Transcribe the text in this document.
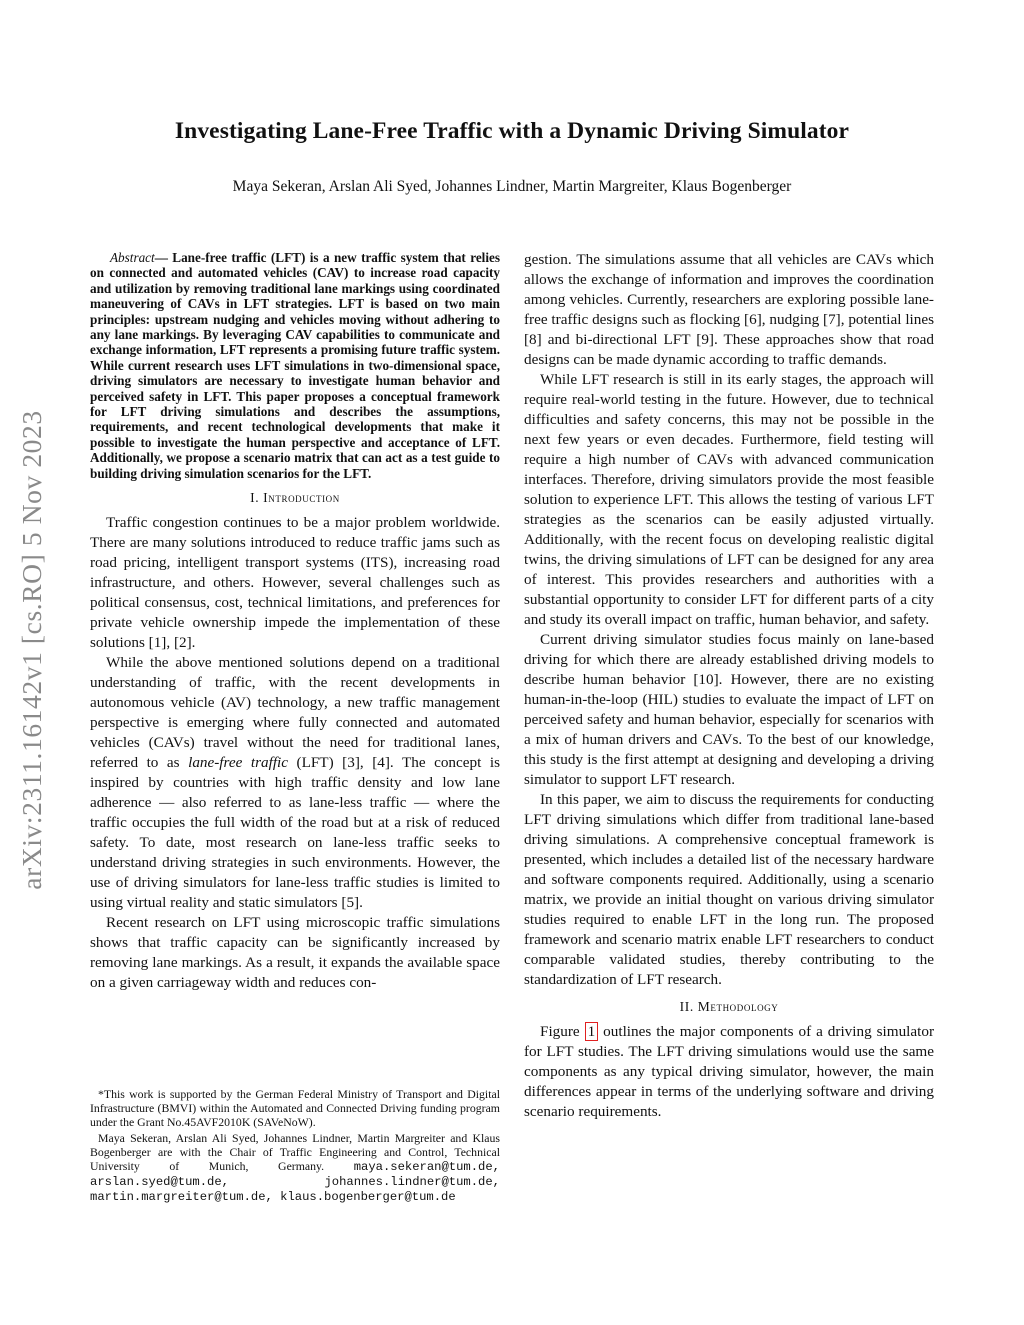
Investigating Lane-Free Traffic with a Dynamic Driving Simulator
Maya Sekeran, Arslan Ali Syed, Johannes Lindner, Martin Margreiter, Klaus Bogenberger
arXiv:2311.16142v1 [cs.RO] 5 Nov 2023

Abstract— Lane-free traffic (LFT) is a new traffic system that relies on connected and automated vehicles (CAV) to increase road capacity and utilization by removing traditional lane markings using coordinated maneuvering of CAVs in LFT strategies. LFT is based on two main principles: upstream nudging and vehicles moving without adhering to any lane markings. By leveraging CAV capabilities to communicate and exchange information, LFT represents a promising future traffic system. While current research uses LFT simulations in two-dimensional space, driving simulators are necessary to investigate human behavior and perceived safety in LFT. This paper proposes a conceptual framework for LFT driving simulations and describes the assumptions, requirements, and recent technological developments that make it possible to investigate the human perspective and acceptance of LFT. Additionally, we propose a scenario matrix that can act as a test guide to building driving simulation scenarios for the LFT.

I. Introduction

Traffic congestion continues to be a major problem worldwide. There are many solutions introduced to reduce traffic jams such as road pricing, intelligent transport systems (ITS), increasing road infrastructure, and others. However, several challenges such as political consensus, cost, technical limitations, and preferences for private vehicle ownership impede the implementation of these solutions [1], [2].

While the above mentioned solutions depend on a traditional understanding of traffic, with the recent developments in autonomous vehicle (AV) technology, a new traffic management perspective is emerging where fully connected and automated vehicles (CAVs) travel without the need for traditional lanes, referred to as lane-free traffic (LFT) [3], [4]. The concept is inspired by countries with high traffic density and low lane adherence — also referred to as lane-less traffic — where the traffic occupies the full width of the road but at a risk of reduced safety. To date, most research on lane-less traffic seeks to understand driving strategies in such environments. However, the use of driving simulators for lane-less traffic studies is limited to using virtual reality and static simulators [5].

Recent research on LFT using microscopic traffic simulations shows that traffic capacity can be significantly increased by removing lane markings. As a result, it expands the available space on a given carriageway width and reduces con-

*This work is supported by the German Federal Ministry of Transport and Digital Infrastructure (BMVI) within the Automated and Connected Driving funding program under the Grant No.45AVF2010K (SAVeNoW).

Maya Sekeran, Arslan Ali Syed, Johannes Lindner, Martin Margreiter and Klaus Bogenberger are with the Chair of Traffic Engineering and Control, Technical University of Munich, Germany. maya.sekeran@tum.de, arslan.syed@tum.de, johannes.lindner@tum.de, martin.margreiter@tum.de, klaus.bogenberger@tum.de

gestion. The simulations assume that all vehicles are CAVs which allows the exchange of information and improves the coordination among vehicles. Currently, researchers are exploring possible lane-free traffic designs such as flocking [6], nudging [7], potential lines [8] and bi-directional LFT [9]. These approaches show that road designs can be made dynamic according to traffic demands.

While LFT research is still in its early stages, the approach will require real-world testing in the future. However, due to technical difficulties and safety concerns, this may not be possible in the next few years or even decades. Furthermore, field testing will require a high number of CAVs with advanced communication interfaces. Therefore, driving simulators provide the most feasible solution to experience LFT. This allows the testing of various LFT strategies as the scenarios can be easily adjusted virtually. Additionally, with the recent focus on developing realistic digital twins, the driving simulations of LFT can be designed for any area of interest. This provides researchers and authorities with a substantial opportunity to consider LFT for different parts of a city and study its overall impact on traffic, human behavior, and safety.

Current driving simulator studies focus mainly on lane-based driving for which there are already established driving models to describe human behavior [10]. However, there are no existing human-in-the-loop (HIL) studies to evaluate the impact of LFT on perceived safety and human behavior, especially for scenarios with a mix of human drivers and CAVs. To the best of our knowledge, this study is the first attempt at designing and developing a driving simulator to support LFT research.

In this paper, we aim to discuss the requirements for conducting LFT driving simulations which differ from traditional lane-based driving simulations. A comprehensive conceptual framework is presented, which includes a detailed list of the necessary hardware and software components required. Additionally, using a scenario matrix, we provide an initial thought on various driving simulator studies required to enable LFT in the long run. The proposed framework and scenario matrix enable LFT researchers to conduct comparable validated studies, thereby contributing to the standardization of LFT research.

II. Methodology

Figure 1 outlines the major components of a driving simulator for LFT studies. The LFT driving simulations would use the same components as any typical driving simulator, however, the main differences appear in terms of the underlying software and driving scenario requirements.
